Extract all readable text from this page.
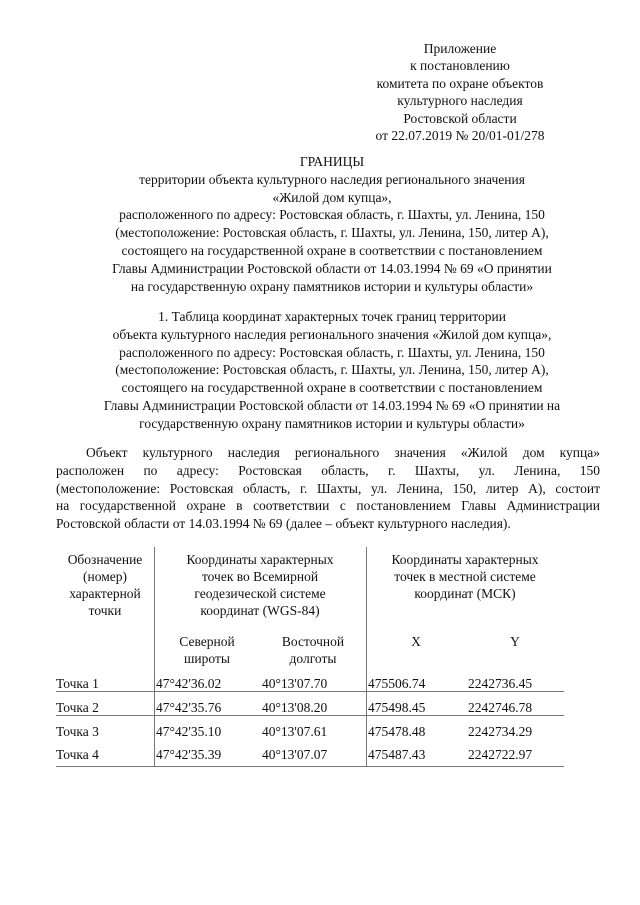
Приложение
к постановлению
комитета по охране объектов
культурного наследия
Ростовской области
от 22.07.2019 № 20/01-01/278
ГРАНИЦЫ
территории объекта культурного наследия регионального значения
«Жилой дом купца»,
расположенного по адресу: Ростовская область, г. Шахты, ул. Ленина, 150
(местоположение: Ростовская область, г. Шахты, ул. Ленина, 150, литер А),
состоящего на государственной охране в соответствии с постановлением
Главы Администрации Ростовской области от 14.03.1994 № 69 «О принятии
на государственную охрану памятников истории и культуры области»
1. Таблица координат характерных точек границ территории
объекта культурного наследия регионального значения «Жилой дом купца»,
расположенного по адресу: Ростовская область, г. Шахты, ул. Ленина, 150
(местоположение: Ростовская область, г. Шахты, ул. Ленина, 150, литер А),
состоящего на государственной охране в соответствии с постановлением
Главы Администрации Ростовской области от 14.03.1994 № 69 «О принятии на
государственную охрану памятников истории и культуры области»
Объект культурного наследия регионального значения «Жилой дом купца»
расположен по адресу: Ростовская область, г. Шахты, ул. Ленина, 150
(местоположение: Ростовская область, г. Шахты, ул. Ленина, 150, литер А), состоит
на государственной охране в соответствии с постановлением Главы Администрации
Ростовской области от 14.03.1994 № 69 (далее – объект культурного наследия).
Обозначение
(номер)
характерной
точки
Координаты характерных
точек во Всемирной
геодезической системе
координат (WGS-84)
Координаты характерных
точек в местной системе
координат (МСК)
Северной
широты
Восточной
долготы
X	Y
Точка 1	47°42'36.02	40°13'07.70	475506.74	2242736.45
Точка 2	47°42'35.76	40°13'08.20	475498.45	2242746.78
Точка 3	47°42'35.10	40°13'07.61	475478.48	2242734.29
Точка 4	47°42'35.39	40°13'07.07	475487.43	2242722.97
